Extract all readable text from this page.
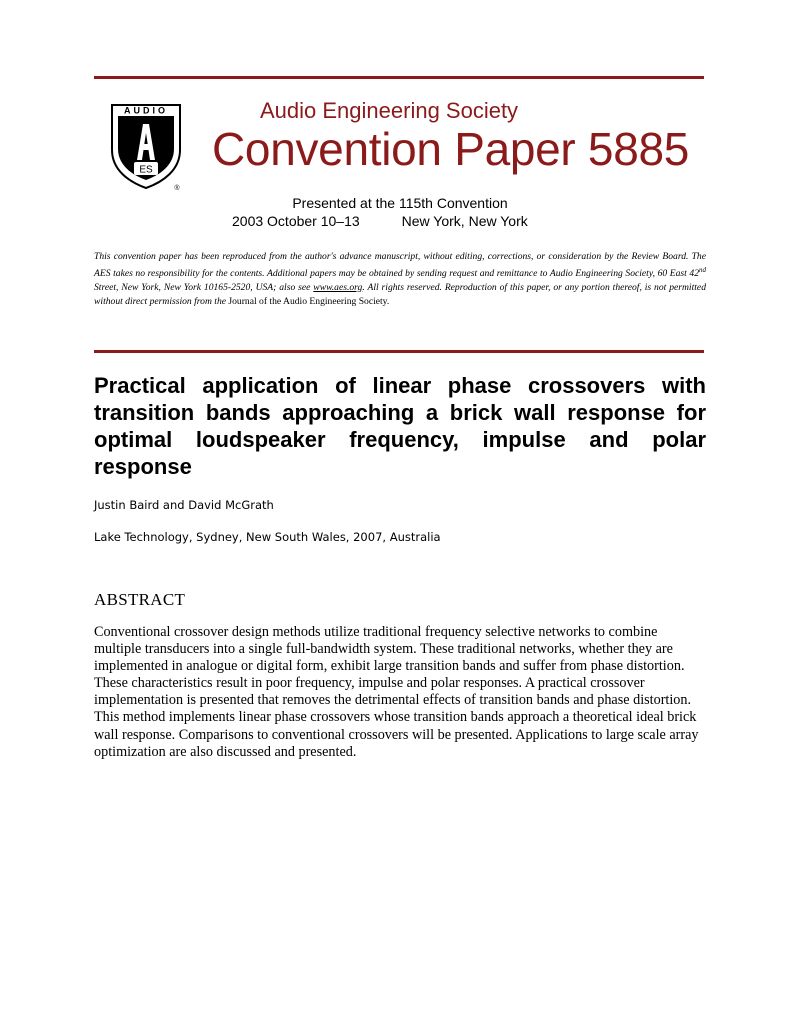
AUDIO
ES
®
Audio Engineering Society
Convention Paper 5885
Presented at the 115th Convention
2003 October 10–13	New York, New York
This convention paper has been reproduced from the author's advance manuscript, without editing, corrections, or consideration by the Review Board. The AES takes no responsibility for the contents. Additional papers may be obtained by sending request and remittance to Audio Engineering Society, 60 East 42nd Street, New York, New York 10165-2520, USA; also see www.aes.org. All rights reserved. Reproduction of this paper, or any portion thereof, is not permitted without direct permission from the Journal of the Audio Engineering Society.
Practical application of linear phase crossovers with transition bands approaching a brick wall response for optimal loudspeaker frequency, impulse and polar response
Justin Baird and David McGrath
Lake Technology, Sydney, New South Wales, 2007, Australia
ABSTRACT

Conventional crossover design methods utilize traditional frequency selective networks to combine multiple transducers into a single full-bandwidth system. These traditional networks, whether they are implemented in analogue or digital form, exhibit large transition bands and suffer from phase distortion. These characteristics result in poor frequency, impulse and polar responses. A practical crossover implementation is presented that removes the detrimental effects of transition bands and phase distortion. This method implements linear phase crossovers whose transition bands approach a theoretical ideal brick wall response. Comparisons to conventional crossovers will be presented. Applications to large scale array optimization are also discussed and presented.
